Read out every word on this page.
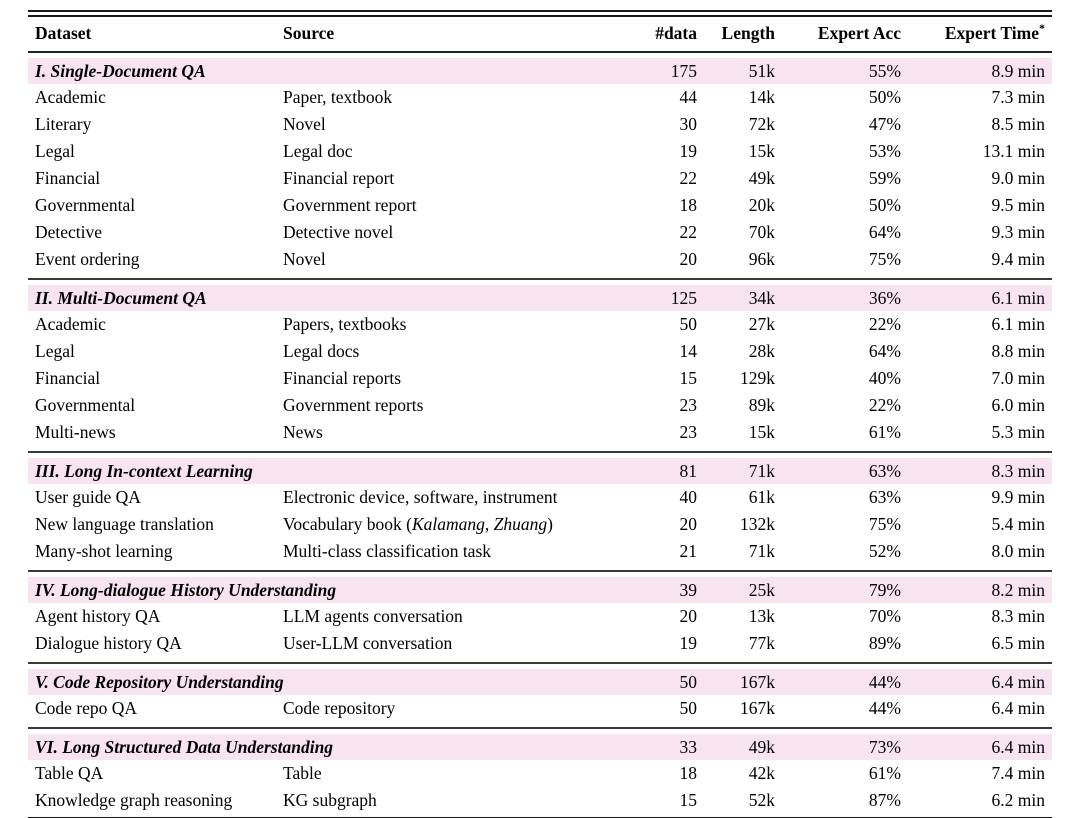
Dataset	Source	#data	Length	Expert Acc	Expert Time*

I. Single-Document QA		175	51k	55%	8.9 min
Academic	Paper, textbook	44	14k	50%	7.3 min
Literary	Novel	30	72k	47%	8.5 min
Legal	Legal doc	19	15k	53%	13.1 min
Financial	Financial report	22	49k	59%	9.0 min
Governmental	Government report	18	20k	50%	9.5 min
Detective	Detective novel	22	70k	64%	9.3 min
Event ordering	Novel	20	96k	75%	9.4 min

II. Multi-Document QA		125	34k	36%	6.1 min
Academic	Papers, textbooks	50	27k	22%	6.1 min
Legal	Legal docs	14	28k	64%	8.8 min
Financial	Financial reports	15	129k	40%	7.0 min
Governmental	Government reports	23	89k	22%	6.0 min
Multi-news	News	23	15k	61%	5.3 min

III. Long In-context Learning		81	71k	63%	8.3 min
User guide QA	Electronic device, software, instrument	40	61k	63%	9.9 min
New language translation	Vocabulary book (Kalamang, Zhuang)	20	132k	75%	5.4 min
Many-shot learning	Multi-class classification task	21	71k	52%	8.0 min

IV. Long-dialogue History Understanding		39	25k	79%	8.2 min
Agent history QA	LLM agents conversation	20	13k	70%	8.3 min
Dialogue history QA	User-LLM conversation	19	77k	89%	6.5 min

V. Code Repository Understanding		50	167k	44%	6.4 min
Code repo QA	Code repository	50	167k	44%	6.4 min

VI. Long Structured Data Understanding		33	49k	73%	6.4 min
Table QA	Table	18	42k	61%	7.4 min
Knowledge graph reasoning	KG subgraph	15	52k	87%	6.2 min
